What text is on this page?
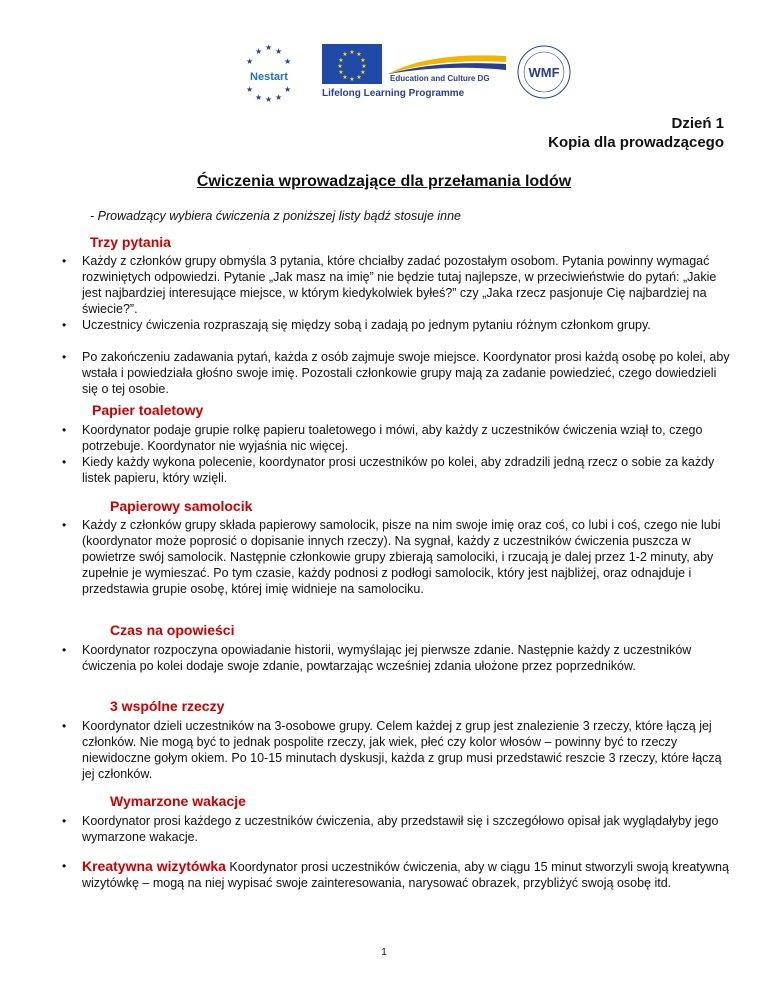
★ ★ ★
★	★
★	★
★ ★ ★
Nestart
★ ★
★
★
★
★
★
★
★
★
★
★
Education and Culture DG
Lifelong Learning Programme
WMF
Dzień 1
Kopia dla prowadzącego
Ćwiczenia wprowadzające dla przełamania lodów
- Prowadzący wybiera ćwiczenia z poniższej listy bądź stosuje inne
Trzy pytania
• Każdy z członków grupy obmyśla 3 pytania, które chciałby zadać pozostałym osobom. Pytania powinny wymagać rozwiniętych odpowiedzi. Pytanie „Jak masz na imię” nie będzie tutaj najlepsze, w przeciwieństwie do pytań: „Jakie jest najbardziej interesujące miejsce, w którym kiedykolwiek byłeś?” czy „Jaka rzecz pasjonuje Cię najbardziej na świecie?”.
• Uczestnicy ćwiczenia rozpraszają się między sobą i zadają po jednym pytaniu różnym członkom grupy.
• Po zakończeniu zadawania pytań, każda z osób zajmuje swoje miejsce. Koordynator prosi każdą osobę po kolei, aby wstała i powiedziała głośno swoje imię. Pozostali członkowie grupy mają za zadanie powiedzieć, czego dowiedzieli się o tej osobie.
Papier toaletowy
• Koordynator podaje grupie rolkę papieru toaletowego i mówi, aby każdy z uczestników ćwiczenia wziął to, czego potrzebuje. Koordynator nie wyjaśnia nic więcej.
• Kiedy każdy wykona polecenie, koordynator prosi uczestników po kolei, aby zdradzili jedną rzecz o sobie za każdy listek papieru, który wzięli.
Papierowy samolocik
• Każdy z członków grupy składa papierowy samolocik, pisze na nim swoje imię oraz coś, co lubi i coś, czego nie lubi (koordynator może poprosić o dopisanie innych rzeczy). Na sygnał, każdy z uczestników ćwiczenia puszcza w powietrze swój samolocik. Następnie członkowie grupy zbierają samolociki, i rzucają je dalej przez 1-2 minuty, aby zupełnie je wymieszać. Po tym czasie, każdy podnosi z podłogi samolocik, który jest najbliżej, oraz odnajduje i przedstawia grupie osobę, której imię widnieje na samolociku.
Czas na opowieści
• Koordynator rozpoczyna opowiadanie historii, wymyślając jej pierwsze zdanie. Następnie każdy z uczestników ćwiczenia po kolei dodaje swoje zdanie, powtarzając wcześniej zdania ułożone przez poprzedników.
3 wspólne rzeczy
• Koordynator dzieli uczestników na 3-osobowe grupy. Celem każdej z grup jest znalezienie 3 rzeczy, które łączą jej członków. Nie mogą być to jednak pospolite rzeczy, jak wiek, płeć czy kolor włosów – powinny być to rzeczy niewidoczne gołym okiem. Po 10-15 minutach dyskusji, każda z grup musi przedstawić reszcie 3 rzeczy, które łączą jej członków.
Wymarzone wakacje
• Koordynator prosi każdego z uczestników ćwiczenia, aby przedstawił się i szczegółowo opisał jak wyglądałyby jego wymarzone wakacje.
• Kreatywna wizytówka Koordynator prosi uczestników ćwiczenia, aby w ciągu 15 minut stworzyli swoją kreatywną wizytówkę – mogą na niej wypisać swoje zainteresowania, narysować obrazek, przybliżyć swoją osobę itd.
1
